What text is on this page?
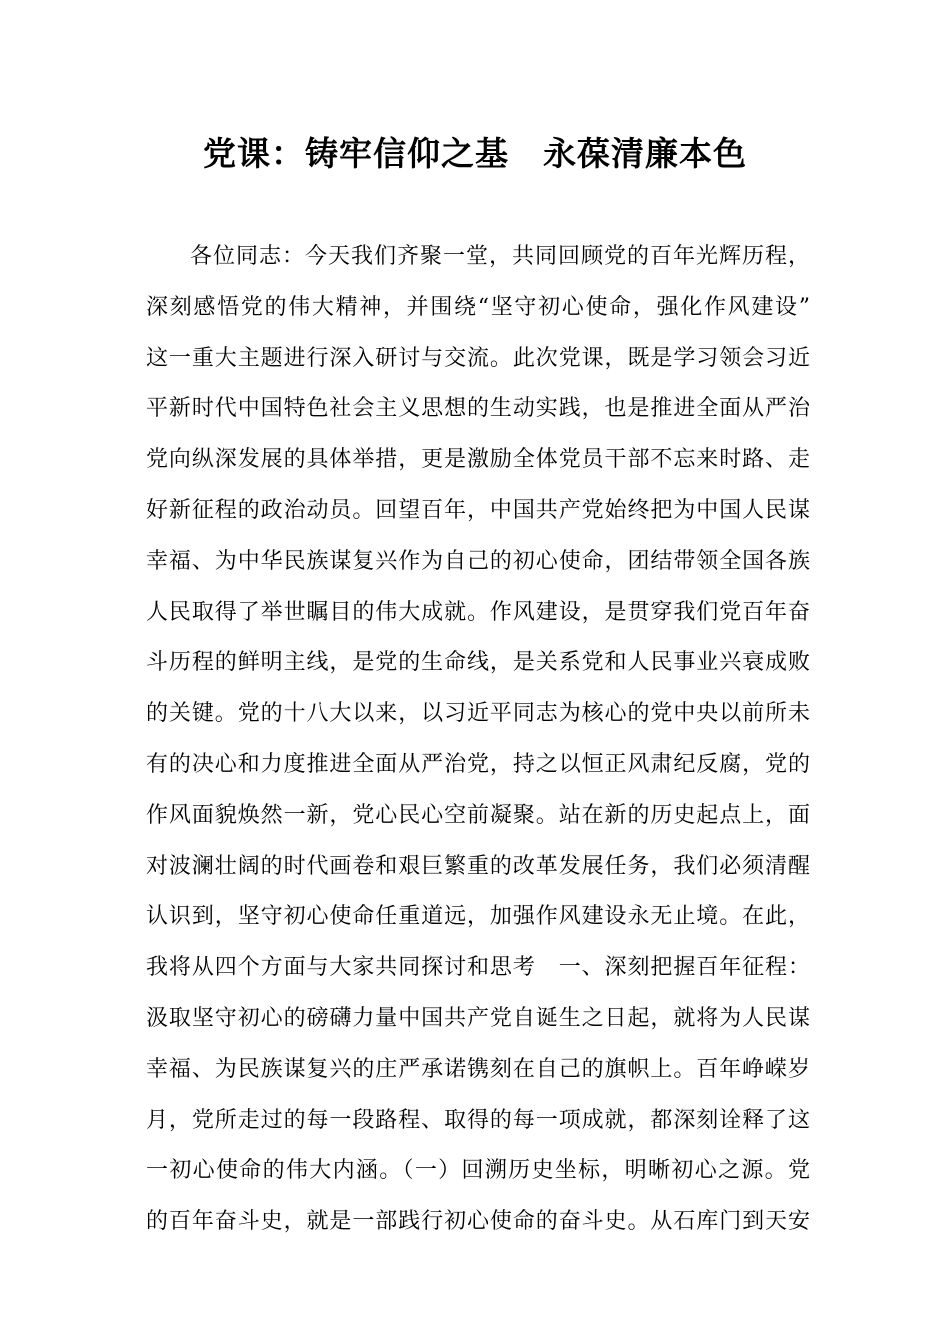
党课：铸牢信仰之基　永葆清廉本色
各位同志：今天我们齐聚一堂，共同回顾党的百年光辉历程，
深刻感悟党的伟大精神，并围绕“坚守初心使命，强化作风建设”
这一重大主题进行深入研讨与交流。此次党课，既是学习领会习近
平新时代中国特色社会主义思想的生动实践，也是推进全面从严治
党向纵深发展的具体举措，更是激励全体党员干部不忘来时路、走
好新征程的政治动员。回望百年，中国共产党始终把为中国人民谋
幸福、为中华民族谋复兴作为自己的初心使命，团结带领全国各族
人民取得了举世瞩目的伟大成就。作风建设，是贯穿我们党百年奋
斗历程的鲜明主线，是党的生命线，是关系党和人民事业兴衰成败
的关键。党的十八大以来，以习近平同志为核心的党中央以前所未
有的决心和力度推进全面从严治党，持之以恒正风肃纪反腐，党的
作风面貌焕然一新，党心民心空前凝聚。站在新的历史起点上，面
对波澜壮阔的时代画卷和艰巨繁重的改革发展任务，我们必须清醒
认识到，坚守初心使命任重道远，加强作风建设永无止境。在此，
我将从四个方面与大家共同探讨和思考　一、深刻把握百年征程：
汲取坚守初心的磅礴力量中国共产党自诞生之日起，就将为人民谋
幸福、为民族谋复兴的庄严承诺镌刻在自己的旗帜上。百年峥嵘岁
月，党所走过的每一段路程、取得的每一项成就，都深刻诠释了这
一初心使命的伟大内涵。（一）回溯历史坐标，明晰初心之源。党
的百年奋斗史，就是一部践行初心使命的奋斗史。从石库门到天安
